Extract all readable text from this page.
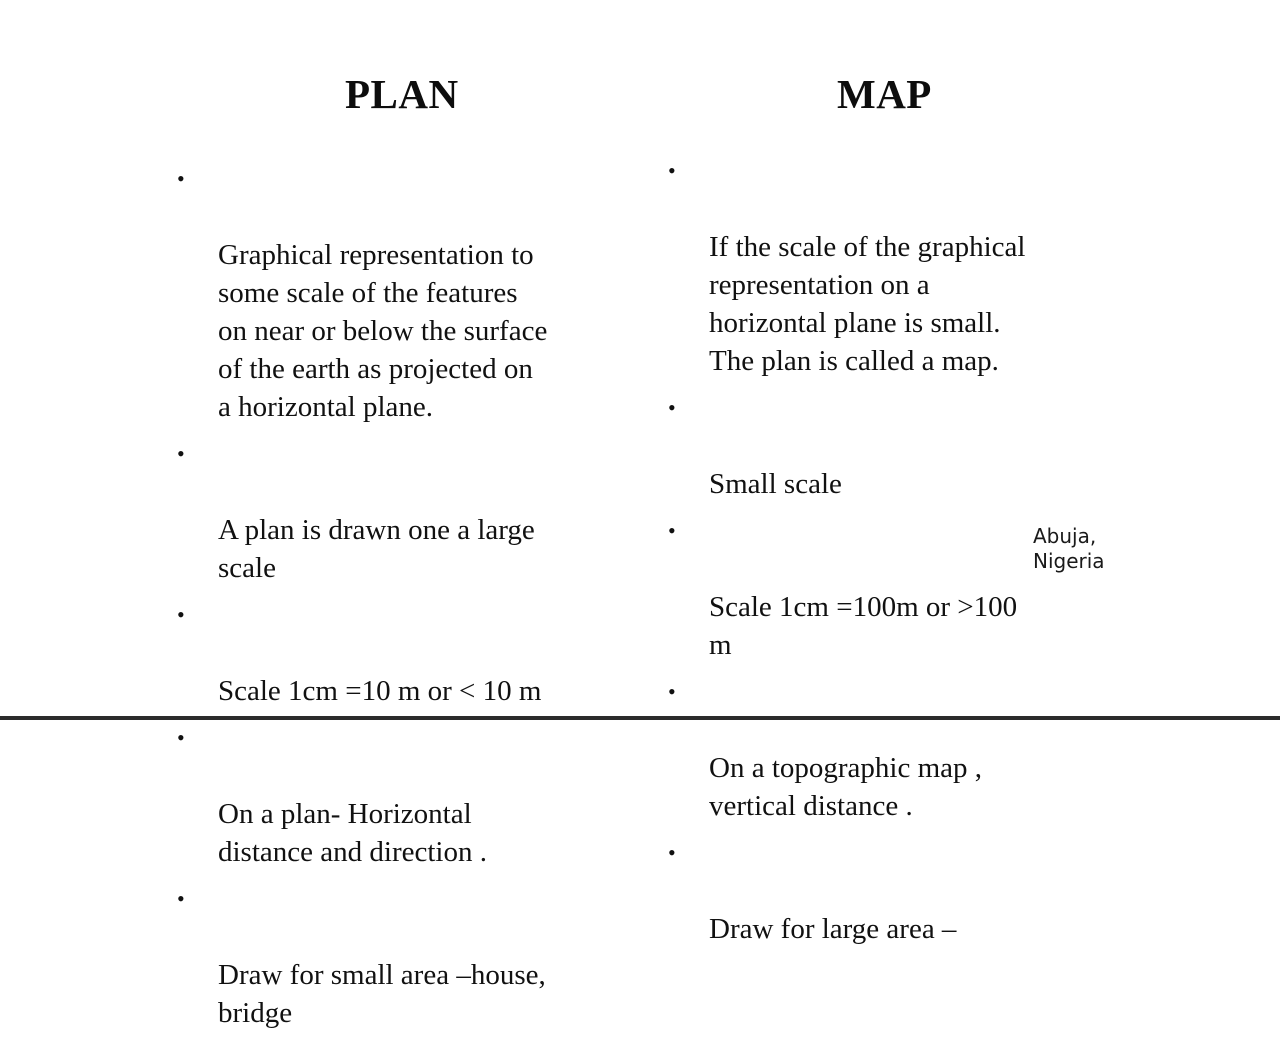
PLAN	MAP

•

Graphical representation to
some scale of the features
on near or below the surface
of the earth as projected on
a horizontal plane.

•

A plan is drawn one a large
scale

•

Scale 1cm =10 m or < 10 m

•

On a plan- Horizontal
distance and direction .

•

Draw for small area –house,
bridge

•

If the scale of the graphical
representation on a
horizontal plane is small.
The plan is called a map.

•

Small scale

•

Scale 1cm =100m or >100
m

•

On a topographic map ,
vertical distance .

•

Draw for large area –

Abuja,
Nigeria
